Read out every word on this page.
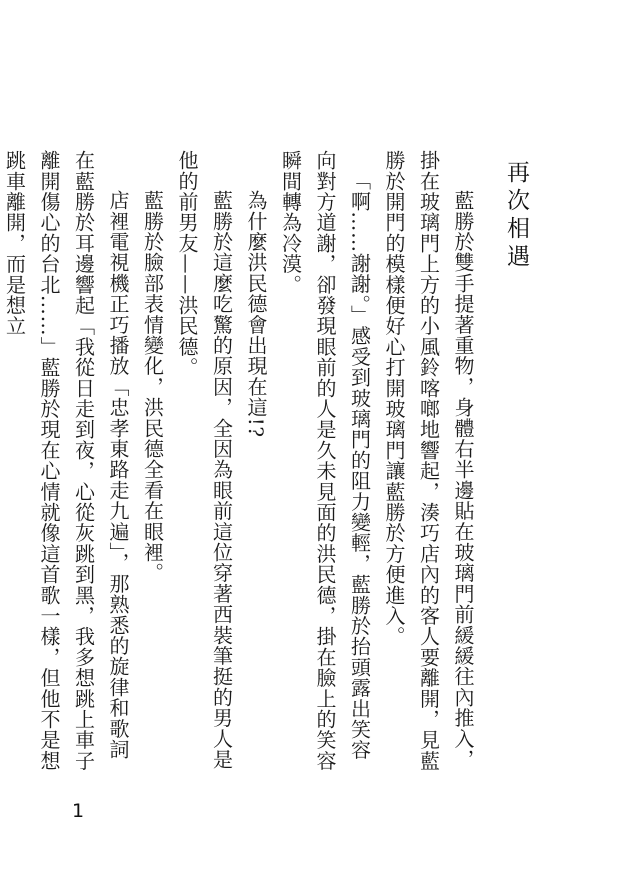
再次相遇

藍勝於雙手提著重物，身體右半邊貼在玻璃門前緩緩往內推入，掛在玻璃門上方的小風鈴喀啷地響起，湊巧店內的客人要離開，見藍勝於開門的模樣便好心打開玻璃門讓藍勝於方便進入。

「啊……謝謝。」感受到玻璃門的阻力變輕，藍勝於抬頭露出笑容向對方道謝，卻發現眼前的人是久未見面的洪民德，掛在臉上的笑容瞬間轉為冷漠。

為什麼洪民德會出現在這!?

藍勝於這麼吃驚的原因，全因為眼前這位穿著西裝筆挺的男人是他的前男友——洪民德。

藍勝於臉部表情變化，洪民德全看在眼裡。

店裡電視機正巧播放「忠孝東路走九遍」，那熟悉的旋律和歌詞在藍勝於耳邊響起「我從日走到夜，心從灰跳到黑，我多想跳上車子離開傷心的台北……」藍勝於現在心情就像這首歌一樣，但他不是想跳車離開，而是想立

1
